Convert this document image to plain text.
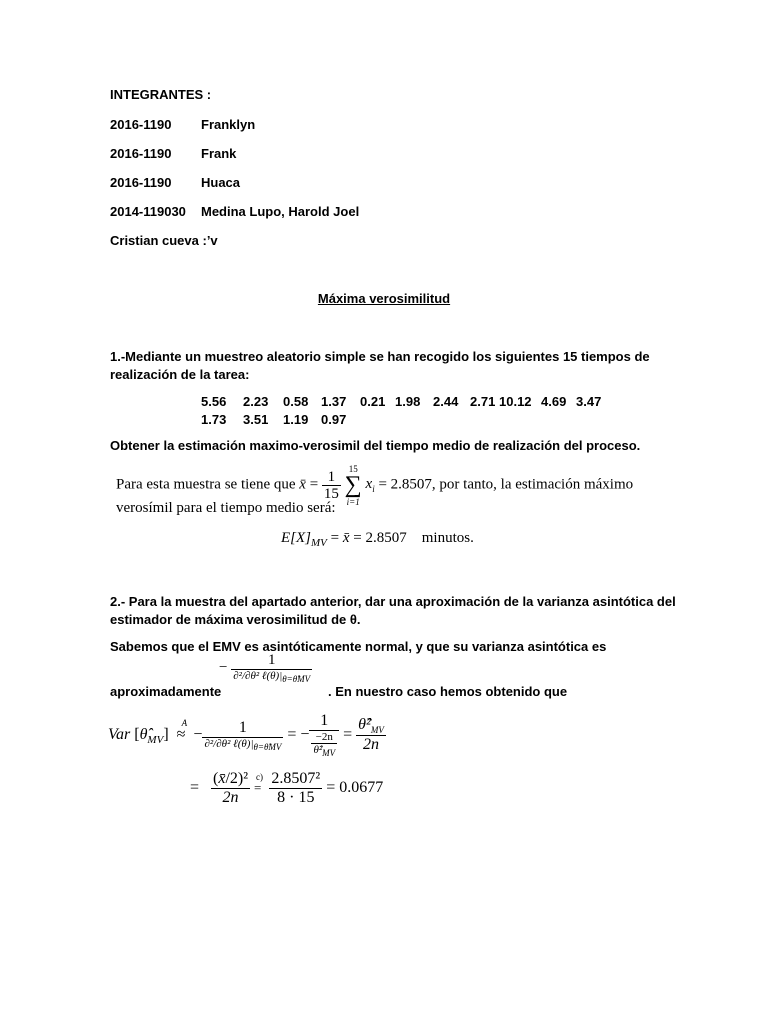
INTEGRANTES :
2016-1190 Franklyn
2016-1190 Frank
2016-1190 Huaca
2014-119030 Medina Lupo, Harold Joel
Cristian cueva :’v
Máxima verosimilitud
1.-Mediante un muestreo aleatorio simple se han recogido los siguientes 15 tiempos de
realización de la tarea:
5.56 2.23 0.58 1.37 0.21 1.98 2.44 2.71 10.12 4.69 3.47
1.73 3.51 1.19 0.97
Obtener la estimación maximo-verosimil del tiempo medio de realización del proceso.
Para esta muestra se tiene que x̄ = $\frac{1}{15} 15$
∑
i=1 $x_i = 2.8507$, por tanto, la estimación máximo
verosímil para el tiempo medio será:
$E[X]_{MV}$ = x̄ = 2.8507 minutos.
2.- Para la muestra del apartado anterior, dar una aproximación de la varianza asintótica del
estimador de máxima verosimilitud de θ.
Sabemos que el EMV es asintóticamente normal, y que su varianza asintótica es
aproximadamente
− $\frac{1}{\partial^2/\partial\theta^2 \ell(\theta)|_{\theta=\thetâMV}}$
. En nuestro caso hemos obtenido que
Var $[\thetâ_{MV}]$
A
≈  − $\frac{1}{\partial^2/\partial\theta^2 \ell(\theta)|_{\theta=\thetâMV}}$ = − $\frac{1}{\frac{-2n}{\thetâ^2_{MV}}} = \frac{\thetâ^2_{MV}}{2n}$
= $\frac{\text{(x̄/2)²}}{2n}$
c)
= $\frac{\text{2.8507²}}{8 \cdot 15} = 0.0677$
